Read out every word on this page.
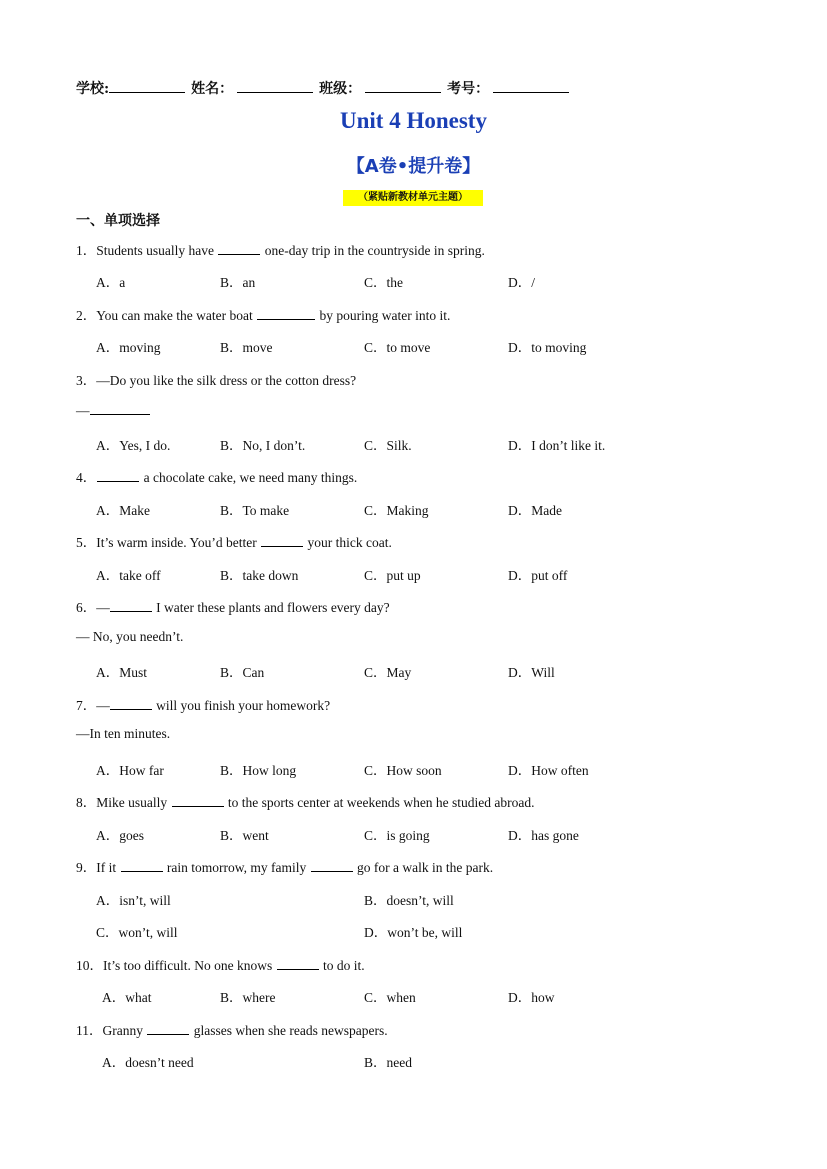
学校:	姓名：	班级：	考号：
Unit 4 Honesty
【A卷•提升卷】
（紧贴新教材单元主题）
一、单项选择
1．Students usually have	one-day trip in the countryside in spring.
A．a	B．an	C．the	D．/
2．You can make the water boat	by pouring water into it.
A．moving	B．move	C．to move	D．to moving
3．—Do you like the silk dress or the cotton dress?
—
A．Yes, I do.	B．No, I don’t.	C．Silk.	D．I don’t like it.
4．	a chocolate cake, we need many things.
A．Make	B．To make	C．Making	D．Made
5．It’s warm inside. You’d better	your thick coat.
A．take off	B．take down	C．put up	D．put off
6．—	I water these plants and flowers every day?
— No, you needn’t.
A．Must	B．Can	C．May	D．Will
7．—	will you finish your homework?
—In ten minutes.
A．How far	B．How long	C．How soon	D．How often
8．Mike usually	to the sports center at weekends when he studied abroad.
A．goes	B．went	C．is going	D．has gone
9．If it	rain tomorrow, my family	go for a walk in the park.
A．isn’t, will	B．doesn’t, will
C．won’t, will	D．won’t be, will
10．It’s too difficult. No one knows	to do it.
A．what	B．where	C．when	D．how
11．Granny	glasses when she reads newspapers.
A．doesn’t need	B．need
